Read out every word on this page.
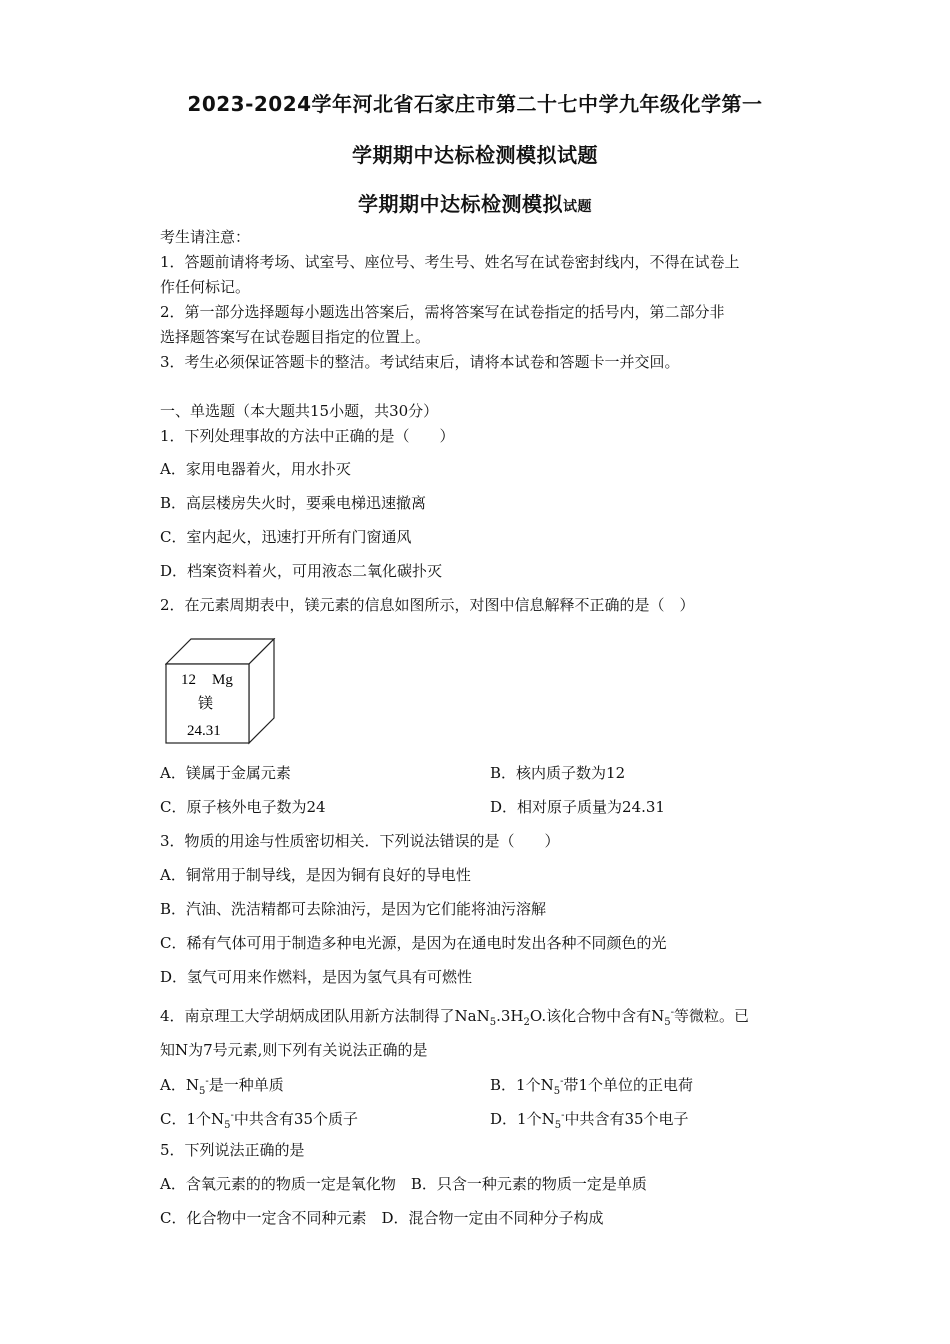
2023-2024学年河北省石家庄市第二十七中学九年级化学第一
学期期中达标检测模拟试题
学期期中达标检测模拟试题
考生请注意：
1．答题前请将考场、试室号、座位号、考生号、姓名写在试卷密封线内，不得在试卷上
作任何标记。
2．第一部分选择题每小题选出答案后，需将答案写在试卷指定的括号内，第二部分非
选择题答案写在试卷题目指定的位置上。
3．考生必须保证答题卡的整洁。考试结束后，请将本试卷和答题卡一并交回。
一、单选题（本大题共15小题，共30分）
1．下列处理事故的方法中正确的是（　　）
A．家用电器着火，用水扑灭
B．高层楼房失火时，要乘电梯迅速撤离
C．室内起火，迅速打开所有门窗通风
D．档案资料着火，可用液态二氧化碳扑灭
2．在元素周期表中，镁元素的信息如图所示，对图中信息解释不正确的是（　）
12 Mg
镁
24.31
A．镁属于金属元素	B．核内质子数为12
C．原子核外电子数为24	D．相对原子质量为24.31
3．物质的用途与性质密切相关．下列说法错误的是（　　）
A．铜常用于制导线，是因为铜有良好的导电性
B．汽油、洗洁精都可去除油污，是因为它们能将油污溶解
C．稀有气体可用于制造多种电光源，是因为在通电时发出各种不同颜色的光
D．氢气可用来作燃料，是因为氢气具有可燃性
4．南京理工大学胡炳成团队用新方法制得了$NaN_5.3H_2O$.该化合物中含有$N_5^-$等微粒。已
知N为7号元素,则下列有关说法正确的是
A．$N_5^-$是一种单质	B．1个$N_5^-$带1个单位的正电荷
C．1个$N_5^-$中共含有35个质子	D．1个$N_5^-$中共含有35个电子
5．下列说法正确的是
A．含氧元素的的物质一定是氧化物　B．只含一种元素的物质一定是单质
C．化合物中一定含不同种元素　D．混合物一定由不同种分子构成
